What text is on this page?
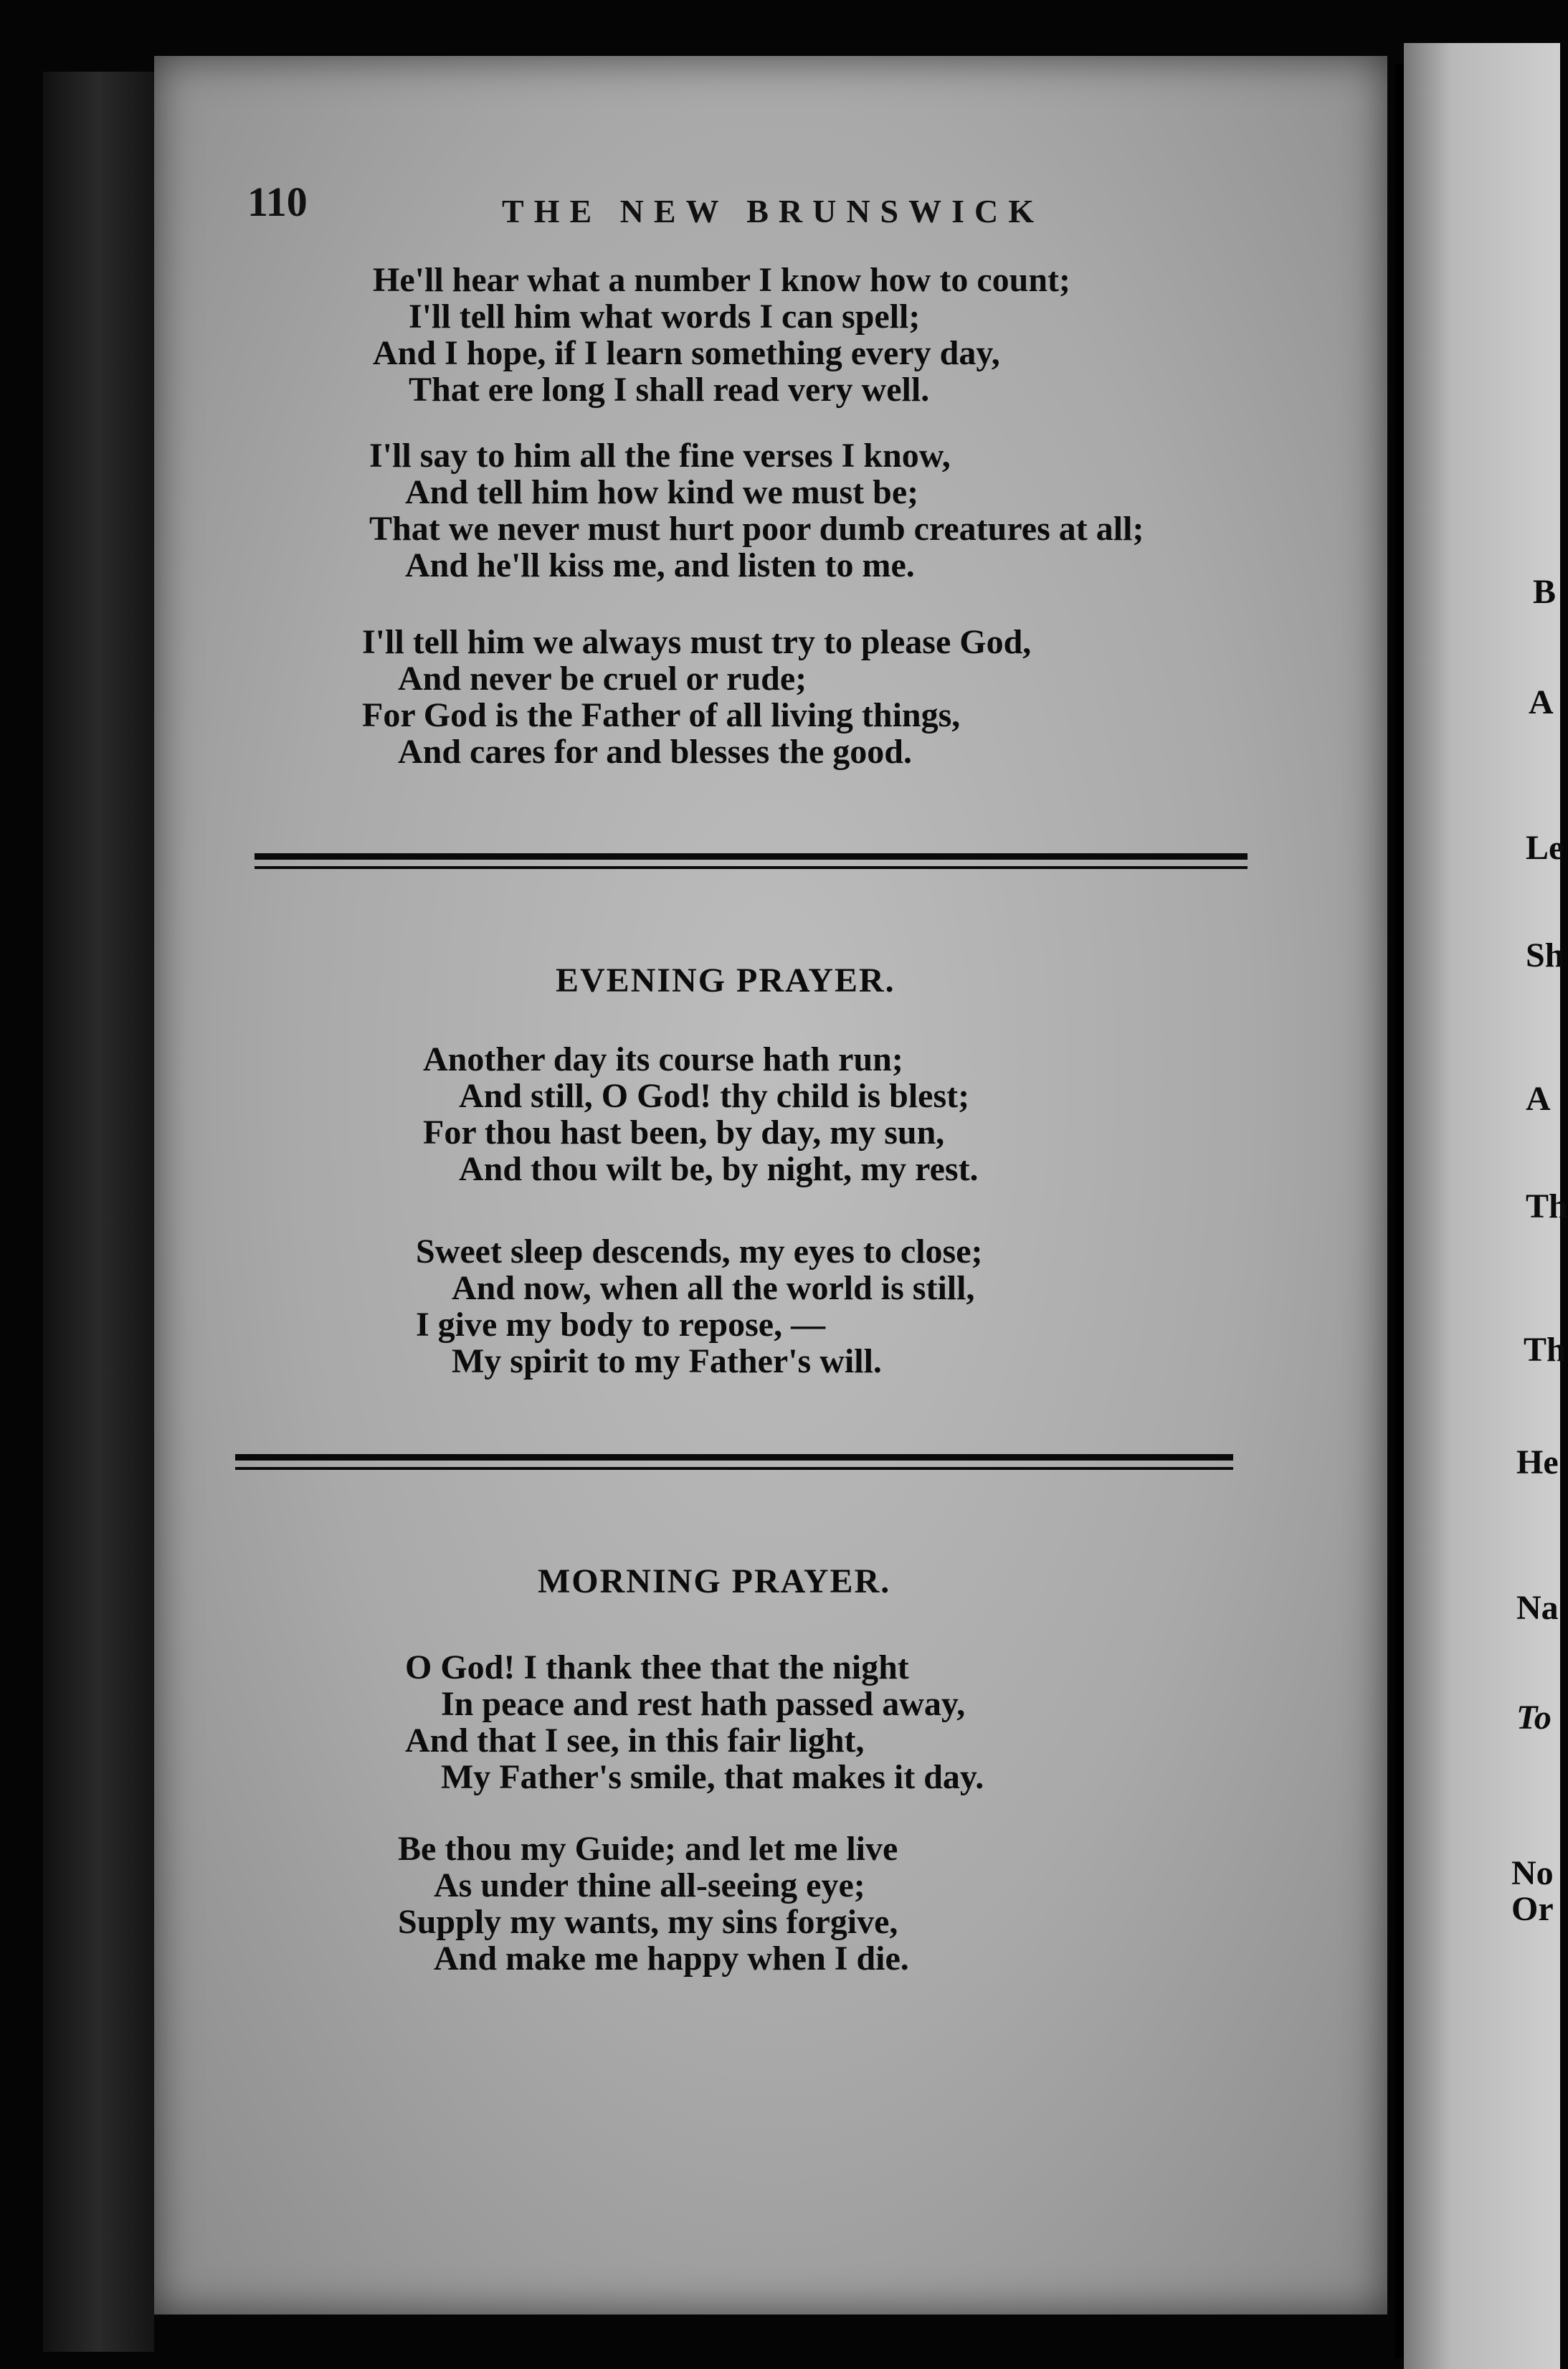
110	THE NEW BRUNSWICK
He'll hear what a number I know how to count;
I'll tell him what words I can spell;
And I hope, if I learn something every day,
That ere long I shall read very well.
I'll say to him all the fine verses I know,
And tell him how kind we must be;
That we never must hurt poor dumb creatures at all;
And he'll kiss me, and listen to me.
I'll tell him we always must try to please God,
And never be cruel or rude;
For God is the Father of all living things,
And cares for and blesses the good.
EVENING PRAYER.
Another day its course hath run;
And still, O God! thy child is blest;
For thou hast been, by day, my sun,
And thou wilt be, by night, my rest.
Sweet sleep descends, my eyes to close;
And now, when all the world is still,
I give my body to repose, —
My spirit to my Father's will.
MORNING PRAYER.
O God! I thank thee that the night
In peace and rest hath passed away,
And that I see, in this fair light,
My Father's smile, that makes it day.
Be thou my Guide; and let me live
As under thine all-seeing eye;
Supply my wants, my sins forgive,
And make me happy when I die.
B
A
Le
Sh
A
Th
Th
He
Na
To
No
Or
